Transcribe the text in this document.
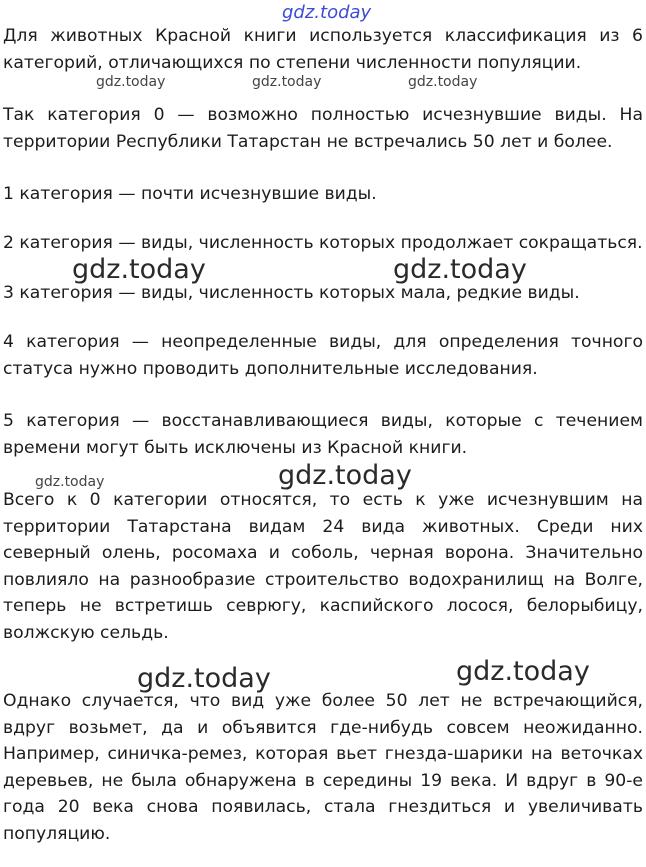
gdz.today
gdz.today	gdz.today	gdz.today
gdz.today	gdz.today
gdz.today	gdz.today
gdz.today
gdz.today

Для животных Красной книги используется классификация из 6 категорий, отличающихся по степени численности популяции.

Так категория 0 — возможно полностью исчезнувшие виды. На территории Республики Татарстан не встречались 50 лет и более.

1 категория — почти исчезнувшие виды.

2 категория — виды, численность которых продолжает сокращаться.

3 категория — виды, численность которых мала, редкие виды.

4 категория — неопределенные виды, для определения точного статуса нужно проводить дополнительные исследования.

5 категория — восстанавливающиеся виды, которые с течением времени могут быть исключены из Красной книги.

Всего к 0 категории относятся, то есть к уже исчезнувшим на территории Татарстана видам 24 вида животных. Среди них северный олень, росомаха и соболь, черная ворона. Значительно повлияло на разнообразие строительство водохранилищ на Волге, теперь не встретишь севрюгу, каспийского лосося, белорыбицу, волжскую сельдь.

Однако случается, что вид уже более 50 лет не встречающийся, вдруг возьмет, да и объявится где-нибудь совсем неожиданно. Например, синичка-ремез, которая вьет гнезда-шарики на веточках деревьев, не была обнаружена в середины 19 века. И вдруг в 90-е года 20 века снова появилась, стала гнездиться и увеличивать популяцию.
